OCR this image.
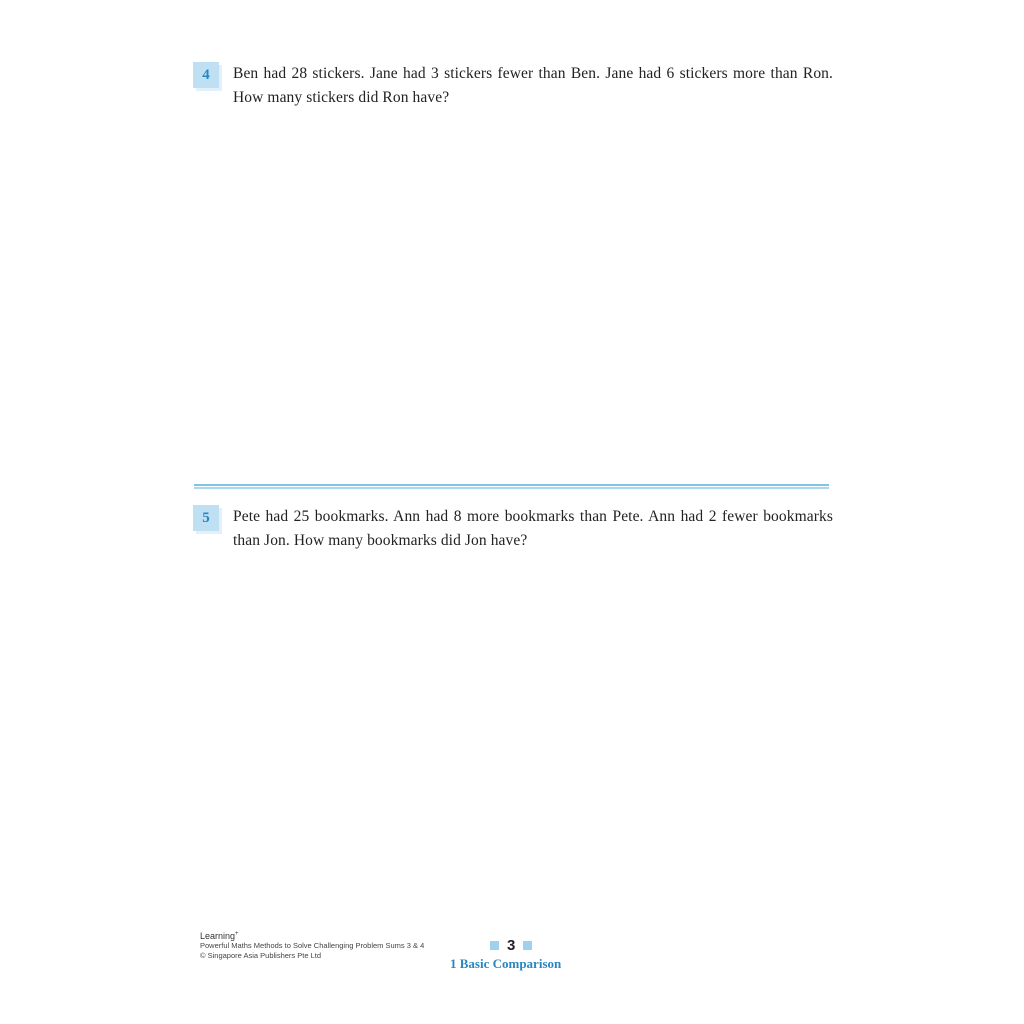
4	Ben had 28 stickers. Jane had 3 stickers fewer than Ben. Jane had 6 stickers more than Ron. How many stickers did Ron have?
5	Pete had 25 bookmarks. Ann had 8 more bookmarks than Pete. Ann had 2 fewer bookmarks than Jon. How many bookmarks did Jon have?
Learning+
Powerful Maths Methods to Solve Challenging Problem Sums 3 & 4
© Singapore Asia Publishers Pte Ltd
3
1 Basic Comparison
